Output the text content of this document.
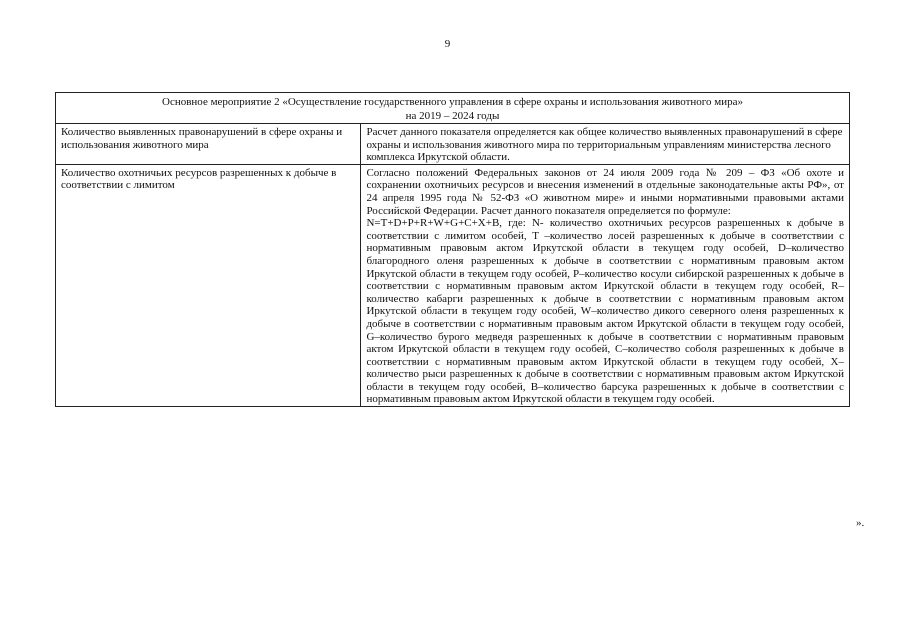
9
Основное мероприятие 2 «Осуществление государственного управления в сфере охраны и использования животного мира»
на 2019 – 2024 годы	

Количество выявленных правонарушений в сфере охраны и использования животного мира	Расчет данного показателя определяется как общее количество выявленных правонарушений в сфере охраны и использования животного мира по территориальным управлениям министерства лесного комплекса Иркутской области.
Количество охотничьих ресурсов разрешенных к добыче в соответствии с лимитом	Согласно положений Федеральных законов от 24 июля 2009 года № 209 – ФЗ «Об охоте и сохранении охотничьих ресурсов и внесения изменений в отдельные законодательные акты РФ», от 24 апреля 1995 года № 52-ФЗ «О животном мире» и иными нормативными правовыми актами Российской Федерации. Расчет данного показателя определяется по формуле:

N=T+D+P+R+W+G+C+X+B, где: N- количество охотничьих ресурсов разрешенных к добыче в соответствии с лимитом особей, T –количество лосей разрешенных к добыче в соответствии с нормативным правовым актом Иркутской области в текущем году особей, D–количество благородного оленя разрешенных к добыче в соответствии с нормативным правовым актом Иркутской области в текущем году особей, P–количество косули сибирской разрешенных к добыче в соответствии с нормативным правовым актом Иркутской области в текущем году особей, R–количество кабарги разрешенных к добыче в соответствии с нормативным правовым актом Иркутской области в текущем году особей, W–количество дикого северного оленя разрешенных к добыче в соответствии с нормативным правовым актом Иркутской области в текущем году особей, G–количество бурого медведя разрешенных к добыче в соответствии с нормативным правовым актом Иркутской области в текущем году особей, C–количество соболя разрешенных к добыче в соответствии с нормативным правовым актом Иркутской области в текущем году особей, X–количество рыси разрешенных к добыче в соответствии с нормативным правовым актом Иркутской области в текущем году особей, B–количество барсука разрешенных к добыче в соответствии с нормативным правовым актом Иркутской области в текущем году особей.

».
